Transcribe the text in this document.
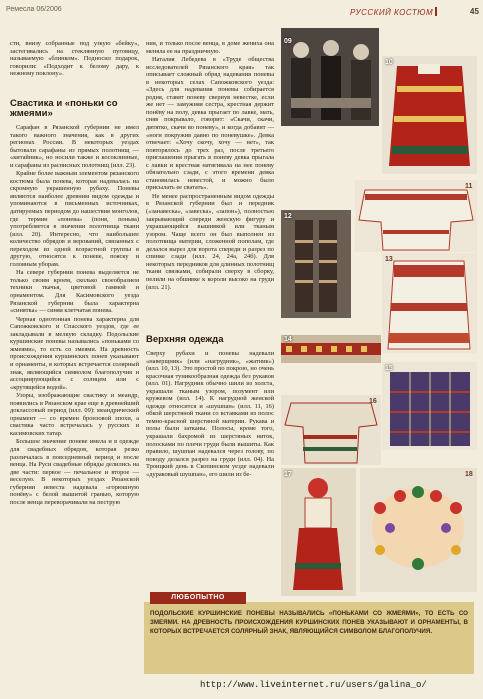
Ремесла 06/2006	РУССКИЙ КОСТЮМ	45

сти, внизу собранные под узкую «бейку», застегивались на стеклянную пуговицу, называемую «блинком». Подносил подарок, говорили: «Подходит к белому дару, к нежному поклону».

Свастика и «поньки со жмеями»

Сарафан в Рязанской губернии не имел такого важного значения, как в других регионах России. В некоторых уездах бытовали сарафаны из прямых полотнищ — «китайник», но носили также и косоклинные, и сарафаны из расписных полотнищ (илл. 23).

Крайне более важным элементом рязанского костюма была понева, которая надевалась на скромную украшенную рубаху. Поневы являются наиболее древним видом одежды и упоминаются в письменных источниках, датируемых периодом до нашествия монголов, где термин «понева» (поня, поньва) употребляется в значении полотнища ткани (илл. 20). Интересно, что наибольшее количество обрядов и верований, связанных с переходом из одной возрастной группы в другую, относятся к поневе, пояску и головным уборам.

На севере губернии понева выделяется не только своим кроем, сколько своеобразием техники ткачья, цветовой гаммой и орнаментом. Для Касимовского уезда Рязанской губернии была характерна «синятка» — синяя клетчатая понева.

Черная однотонная понева характерна для Сапожковского и Спасского уездов, где ее закладывали в мелкую складку. Подольские куршинские поневы назывались «поньками со жмеями», то есть со змеями. На древность происхождения куршинских понев указывают и орнаменты, в которых встречается солярный знак, являющийся символом благополучия и ассоциирующийся с солнцем или с «крутящейся водой».

Узоры, изображающие свастику и меандр, появились в Рязанском крае еще в древнейший доклассовый период (илл. 09): меандрический орнамент — со времен бронзовой эпохи, а свастика часто встречалась у русских и касимовских татар.

Большое значение поневе имела и в одежде для свадебных обрядов, которая резко различалась в повседневный период и после венца. На Руси свадебные обряды делились на две части: первое — печальное и второе — веселую. В некоторых уездах Рязанской губернии невеста надевала «горюшную понёву» с белой вышитой гранью, которую после венца переворачивали на пеструю

ния, и только после венца, в доме жениха она меняла ее на праздничную.

Наталия Лебедева в «Труде общества исследователей Рязанского края» так описывает сложный обряд надевания поневы в некоторых селах Сапожковского уезда: «Здесь для надевания поневы собирается родня, ставят поневу свернув невестке, если же нет — замужняя сестра, крестная держит понёву на полу, девка прыгает по лавке, мать, сняв покрывало, говорит: «Скачи, скачи, дитятко, скачи во поневу», и когда добавит — «ноги покружив давно по поневушке». Девка отвечает: «Хочу скочу, хочу — нет», так повторялось до трех раз, после третьего приглашения прыгать в поневу девка прыгала с лавки и крестная натягивала на нее поневу обязательно сзади, с этого времени девка становилась невестой, и можно было присылать ее сватать».

Не менее распространенным видом одежды в Рязанской губернии был и передник («занавеска», «завеска», «запон»), полностью закрывающий спереди женскую фигуру и украшающийся вышивкой или тканым узором. Чаще всего он был выполнен из полотнища материи, сложенной пополам, где делался вырез для ворота спереди и разрез по спинке сзади (илл. 24, 24а, 24б). Для некоторых передников для длинных полотнищ ткани связками, собирали сверху в сборку, пелили на обшивке к короли высоко на груди (илл. 21).

Верхняя одежда

Сверху рубахи и поневы надевали «наверщник» (или «нагрудник», «жатник») (илл. 10, 13). Это простой по покрою, но очень красочная туникообразная одежда без рукавов (илл. 01). Нагрудник обычно шили из холста, украшали тканым узором, позумент или кружевом (илл. 14). К нагрудной женской одежде относится и «шушпан» (илл. 11, 16) обкой шерстяной ткани со вставками из полос темно-красной шерстяной материи. Рукава и полы были затканы. Полосы, кроме того, украшали бахромой из шерстяных ниток, полосками по плечи груди были вышиты. Как правило, шушпан надевался через голову, по поводу делался разрез на груди (илл. 04). На Троицкий день в Скопинском уезде надевали «дураковый шушпан», его шили из бе-

09
10
11
12
13
14
15
16
17	18
ЛЮБОПЫТНО
ПОДОЛЬСКИЕ КУРШИНСКИЕ ПОНЕВЫ НАЗЫВАЛИСЬ «ПОНЬКАМИ СО ЖМЕЯМИ», ТО ЕСТЬ СО ЗМЕЯМИ. НА ДРЕВНОСТЬ ПРОИСХОЖДЕНИЯ КУРШИНСКИХ ПОНЕВ УКАЗЫВАЮТ И ОРНАМЕНТЫ, В КОТОРЫХ ВСТРЕЧАЕТСЯ СОЛЯРНЫЙ ЗНАК, ЯВЛЯЮЩИЙСЯ СИМВОЛОМ БЛАГОПОЛУЧИЯ.
http://www.liveinternet.ru/users/galina_o/
